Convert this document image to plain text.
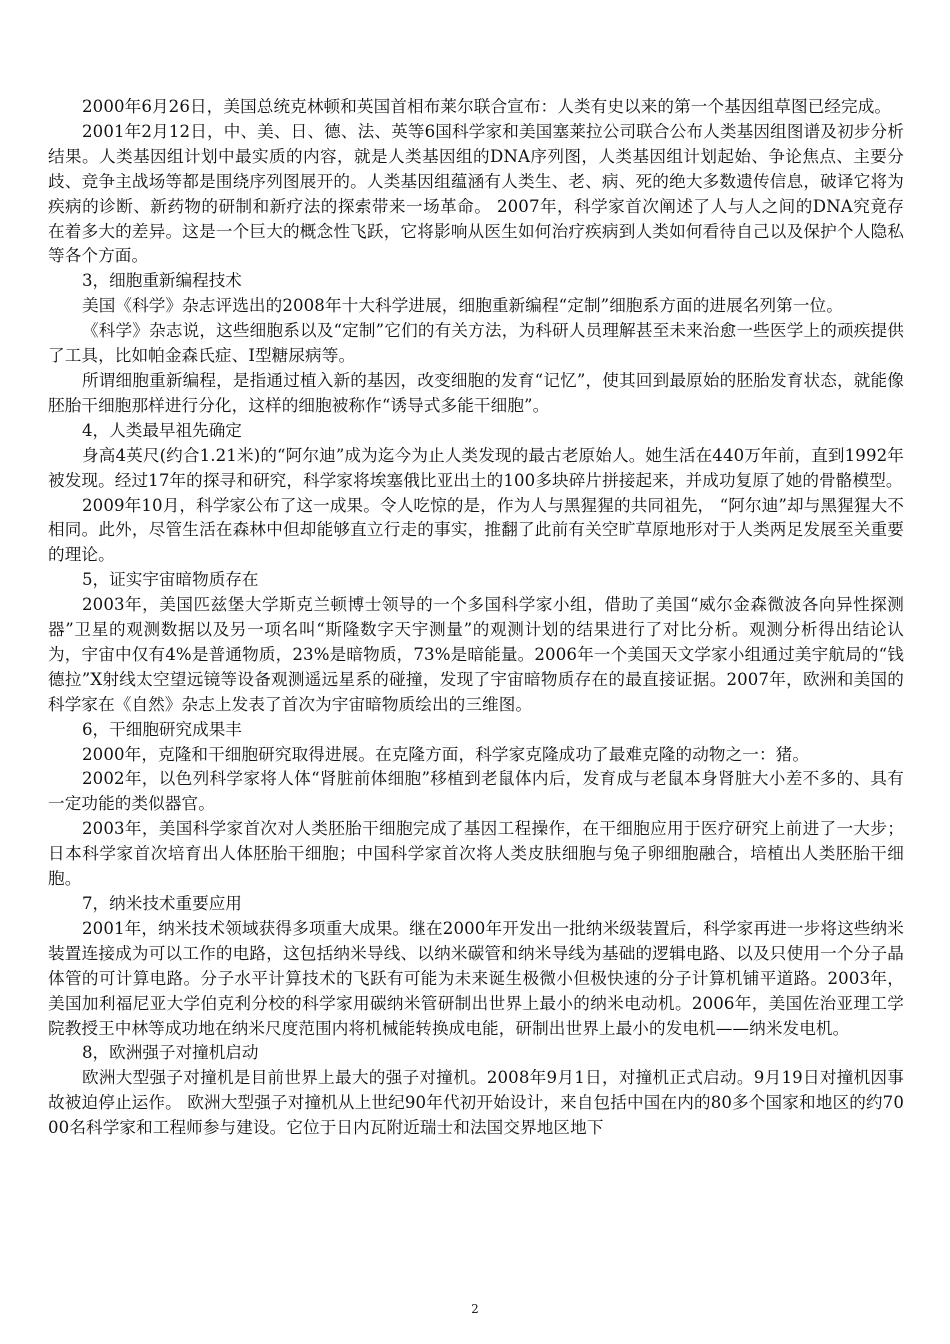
2000年6月26日，美国总统克林顿和英国首相布莱尔联合宣布：人类有史以来的第一个基因组草图已经完成。

2001年2月12日，中、美、日、德、法、英等6国科学家和美国塞莱拉公司联合公布人类基因组图谱及初步分析结果。人类基因组计划中最实质的内容，就是人类基因组的DNA序列图，人类基因组计划起始、争论焦点、主要分歧、竞争主战场等都是围绕序列图展开的。人类基因组蕴涵有人类生、老、病、死的绝大多数遗传信息，破译它将为疾病的诊断、新药物的研制和新疗法的探索带来一场革命。 2007年，科学家首次阐述了人与人之间的DNA究竟存在着多大的差异。这是一个巨大的概念性飞跃，它将影响从医生如何治疗疾病到人类如何看待自己以及保护个人隐私等各个方面。

3，细胞重新编程技术

美国《科学》杂志评选出的2008年十大科学进展，细胞重新编程“定制”细胞系方面的进展名列第一位。

《科学》杂志说，这些细胞系以及“定制”它们的有关方法，为科研人员理解甚至未来治愈一些医学上的顽疾提供了工具，比如帕金森氏症、Ⅰ型糖尿病等。

所谓细胞重新编程，是指通过植入新的基因，改变细胞的发育“记忆”，使其回到最原始的胚胎发育状态，就能像胚胎干细胞那样进行分化，这样的细胞被称作“诱导式多能干细胞”。

4，人类最早祖先确定

身高4英尺(约合1.21米)的“阿尔迪”成为迄今为止人类发现的最古老原始人。她生活在440万年前，直到1992年被发现。经过17年的探寻和研究，科学家将埃塞俄比亚出土的100多块碎片拼接起来，并成功复原了她的骨骼模型。

2009年10月，科学家公布了这一成果。令人吃惊的是，作为人与黑猩猩的共同祖先， “阿尔迪”却与黑猩猩大不相同。此外，尽管生活在森林中但却能够直立行走的事实，推翻了此前有关空旷草原地形对于人类两足发展至关重要的理论。

5，证实宇宙暗物质存在

2003年，美国匹兹堡大学斯克兰顿博士领导的一个多国科学家小组，借助了美国“威尔金森微波各向异性探测器”卫星的观测数据以及另一项名叫“斯隆数字天宇测量”的观测计划的结果进行了对比分析。观测分析得出结论认为，宇宙中仅有4%是普通物质，23%是暗物质，73%是暗能量。2006年一个美国天文学家小组通过美宇航局的“钱德拉”X射线太空望远镜等设备观测遥远星系的碰撞，发现了宇宙暗物质存在的最直接证据。2007年，欧洲和美国的科学家在《自然》杂志上发表了首次为宇宙暗物质绘出的三维图。

6，干细胞研究成果丰

2000年，克隆和干细胞研究取得进展。在克隆方面，科学家克隆成功了最难克隆的动物之一：猪。

2002年，以色列科学家将人体“肾脏前体细胞”移植到老鼠体内后，发育成与老鼠本身肾脏大小差不多的、具有一定功能的类似器官。

2003年，美国科学家首次对人类胚胎干细胞完成了基因工程操作，在干细胞应用于医疗研究上前进了一大步；日本科学家首次培育出人体胚胎干细胞；中国科学家首次将人类皮肤细胞与兔子卵细胞融合，培植出人类胚胎干细胞。

7，纳米技术重要应用

2001年，纳米技术领域获得多项重大成果。继在2000年开发出一批纳米级装置后，科学家再进一步将这些纳米装置连接成为可以工作的电路，这包括纳米导线、以纳米碳管和纳米导线为基础的逻辑电路、以及只使用一个分子晶体管的可计算电路。分子水平计算技术的飞跃有可能为未来诞生极微小但极快速的分子计算机铺平道路。2003年，美国加利福尼亚大学伯克利分校的科学家用碳纳米管研制出世界上最小的纳米电动机。2006年，美国佐治亚理工学院教授王中林等成功地在纳米尺度范围内将机械能转换成电能，研制出世界上最小的发电机——纳米发电机。

8，欧洲强子对撞机启动

欧洲大型强子对撞机是目前世界上最大的强子对撞机。2008年9月1日，对撞机正式启动。9月19日对撞机因事故被迫停止运作。 欧洲大型强子对撞机从上世纪90年代初开始设计，来自包括中国在内的80多个国家和地区的约7000名科学家和工程师参与建设。它位于日内瓦附近瑞士和法国交界地区地下

2
